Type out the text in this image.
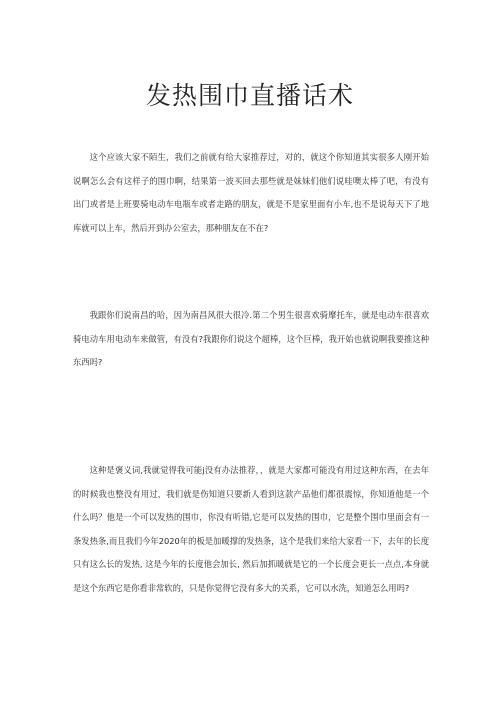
发热围巾直播话术

这个应该大家不陌生，我们之前就有给大家推荐过，对的，就这个你知道其实很多人刚开始说啊怎么会有这样子的围巾啊，结果第一波买回去那些就是妹妹们他们说哇噢太棒了吧，有没有出门或者是上班要骑电动车电瓶车或者走路的朋友，就是不是家里面有小车,也不是说每天下了地库就可以上车，然后开到办公室去，那种朋友在不在?

我跟你们说南昌的哈，因为南昌风很大很冷.第二个男生很喜欢骑摩托车，就是电动车很喜欢骑电动车用电动车来做管，有没有?我跟你们说这个超棒，这个巨棒，我开始也就说啊我要推这种东西吗?

这种是褒义词,我就觉得我可能j没有办法推荐，，就是大家都可能没有用过这种东西，在去年的时候我也整没有用过，我们就是伤知道只要新人看到这款产品他们都很震惊，你知道他是一个什么吗？他是一个可以发热的围巾，你没有听错,它是可以发热的围巾，它是整个围巾里面会有一条发热条,而且我们今年2020年的板是加暖撑的发热条，这个是我们来给大家看一下，去年的长度只有这么长的发热, 这是今年的长度他会加长, 然后加抓暖就是它的一个长度会更长一点点,本身就是这个东西它是你看非常软的，只是你觉得它没有多大的关系，它可以水洗，知道怎么用吗?
